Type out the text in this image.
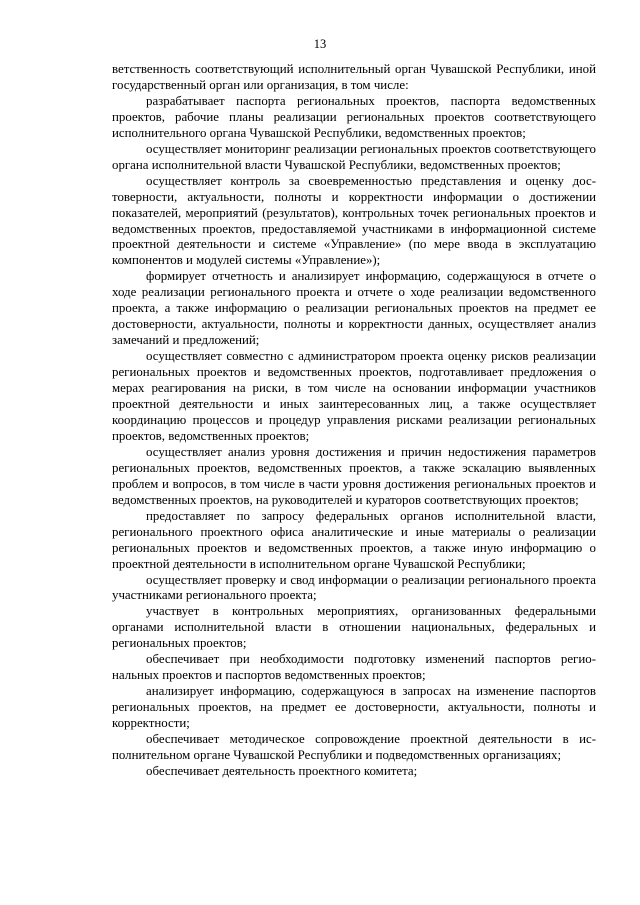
13

ветственность соответствующий исполнительный орган Чувашской Республики, иной государственный орган или организация, в том числе:

разрабатывает паспорта региональных проектов, паспорта ведомственных проектов, рабочие планы реализации региональных проектов соответствующего исполнительного органа Чувашской Республики, ведомственных проектов;

осуществляет мониторинг реализации региональных проектов соответствующего органа исполнительной власти Чувашской Республики, ведомственных проектов;

осуществляет контроль за своевременностью представления и оценку достоверности, актуальности, полноты и корректности информации о достижении показателей, мероприятий (результатов), контрольных точек региональных проектов и ведомственных проектов, предоставляемой участниками в информационной системе проектной деятельности и системе «Управление» (по мере ввода в эксплуатацию компонентов и модулей системы «Управление»);

формирует отчетность и анализирует информацию, содержащуюся в отчете о ходе реализации регионального проекта и отчете о ходе реализации ведомственного проекта, а также информацию о реализации региональных проектов на предмет ее достоверности, актуальности, полноты и корректности данных, осуществляет анализ замечаний и предложений;

осуществляет совместно с администратором проекта оценку рисков реализации региональных проектов и ведомственных проектов, подготавливает предложения о мерах реагирования на риски, в том числе на основании информации участников проектной деятельности и иных заинтересованных лиц, а также осуществляет координацию процессов и процедур управления рисками реализации региональных проектов, ведомственных проектов;

осуществляет анализ уровня достижения и причин недостижения параметров региональных проектов, ведомственных проектов, а также эскалацию выявленных проблем и вопросов, в том числе в части уровня достижения региональных проектов и ведомственных проектов, на руководителей и кураторов соответствующих проектов;

предоставляет по запросу федеральных органов исполнительной власти, регионального проектного офиса аналитические и иные материалы о реализации региональных проектов и ведомственных проектов, а также иную информацию о проектной деятельности в исполнительном органе Чувашской Республики;

осуществляет проверку и свод информации о реализации регионального проекта участниками регионального проекта;

участвует в контрольных мероприятиях, организованных федеральными органами исполнительной власти в отношении национальных, федеральных и региональных проектов;

обеспечивает при необходимости подготовку изменений паспортов региональных проектов и паспортов ведомственных проектов;

анализирует информацию, содержащуюся в запросах на изменение паспортов региональных проектов, на предмет ее достоверности, актуальности, полноты и корректности;

обеспечивает методическое сопровождение проектной деятельности в исполнительном органе Чувашской Республики и подведомственных организациях;

обеспечивает деятельность проектного комитета;
